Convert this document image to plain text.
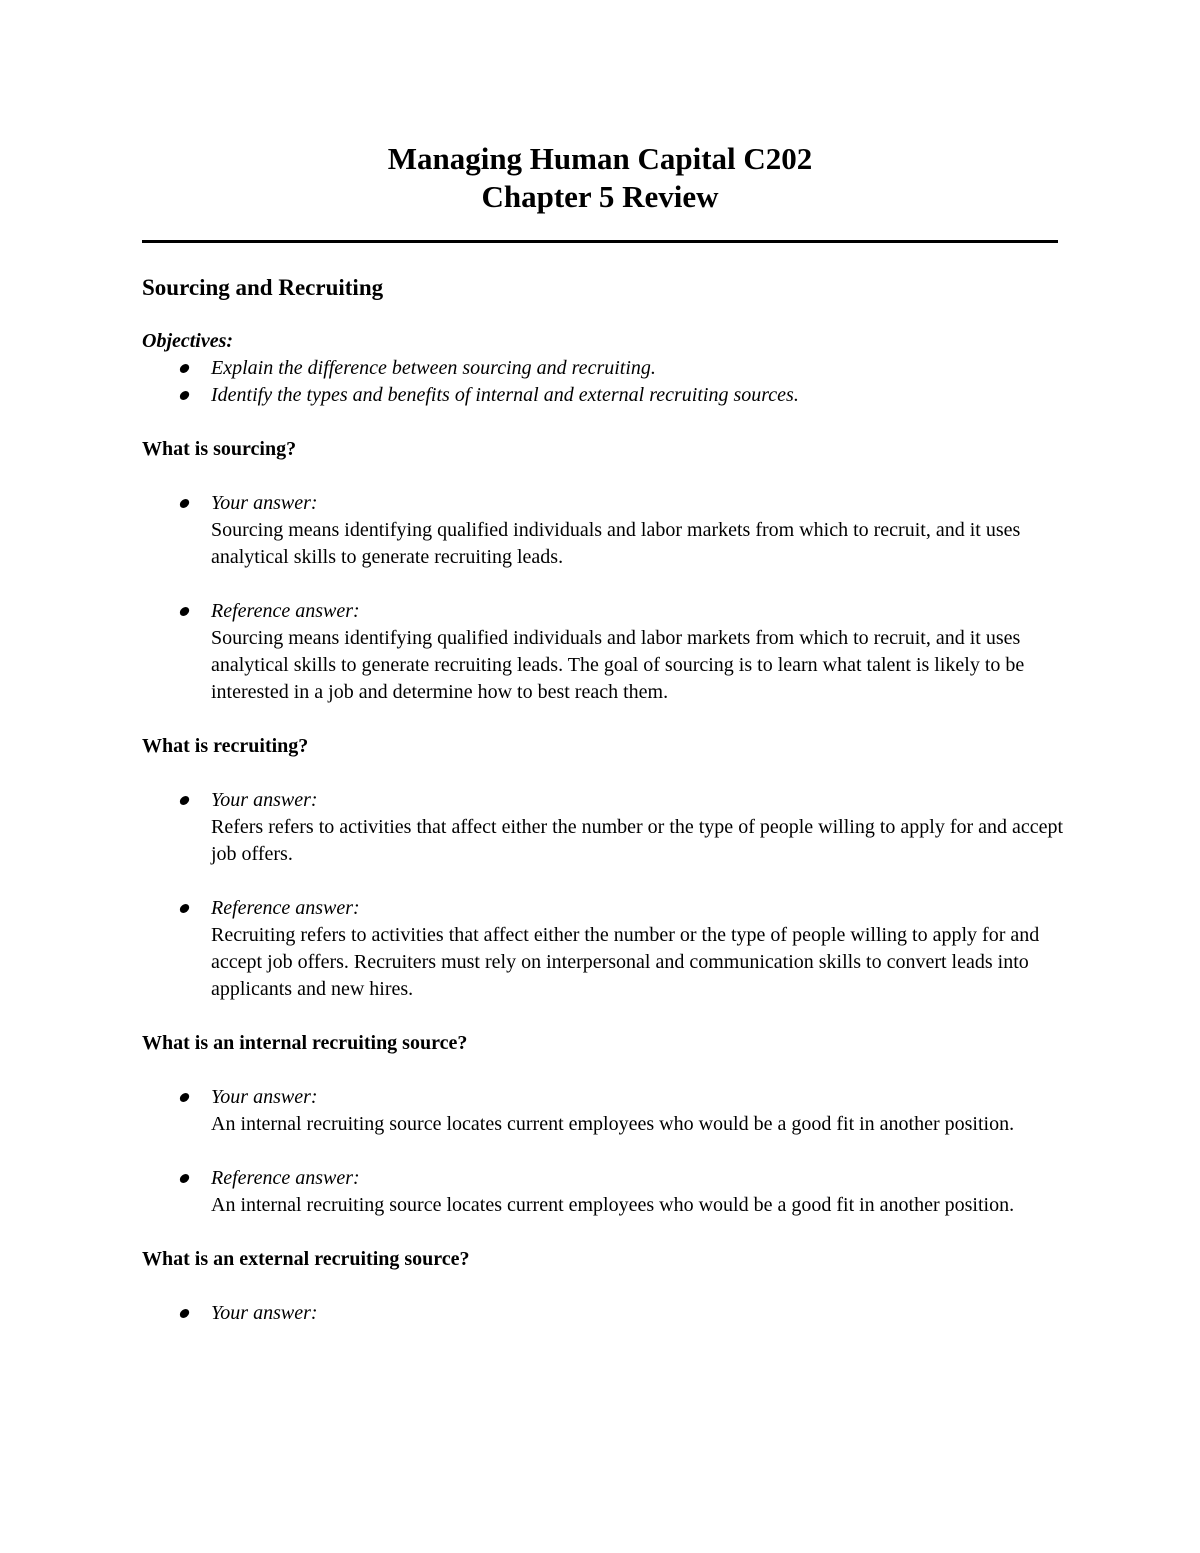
Managing Human Capital C202
Chapter 5 Review
Sourcing and Recruiting
Objectives:
Explain the difference between sourcing and recruiting.
Identify the types and benefits of internal and external recruiting sources.
What is sourcing?
Your answer:
Sourcing means identifying qualified individuals and labor markets from which to recruit, and it uses analytical skills to generate recruiting leads.
Reference answer:
Sourcing means identifying qualified individuals and labor markets from which to recruit, and it uses analytical skills to generate recruiting leads. The goal of sourcing is to learn what talent is likely to be interested in a job and determine how to best reach them.
What is recruiting?
Your answer:
Refers refers to activities that affect either the number or the type of people willing to apply for and accept job offers.
Reference answer:
Recruiting refers to activities that affect either the number or the type of people willing to apply for and accept job offers. Recruiters must rely on interpersonal and communication skills to convert leads into applicants and new hires.
What is an internal recruiting source?
Your answer:
An internal recruiting source locates current employees who would be a good fit in another position.
Reference answer:
An internal recruiting source locates current employees who would be a good fit in another position.
What is an external recruiting source?
Your answer:
